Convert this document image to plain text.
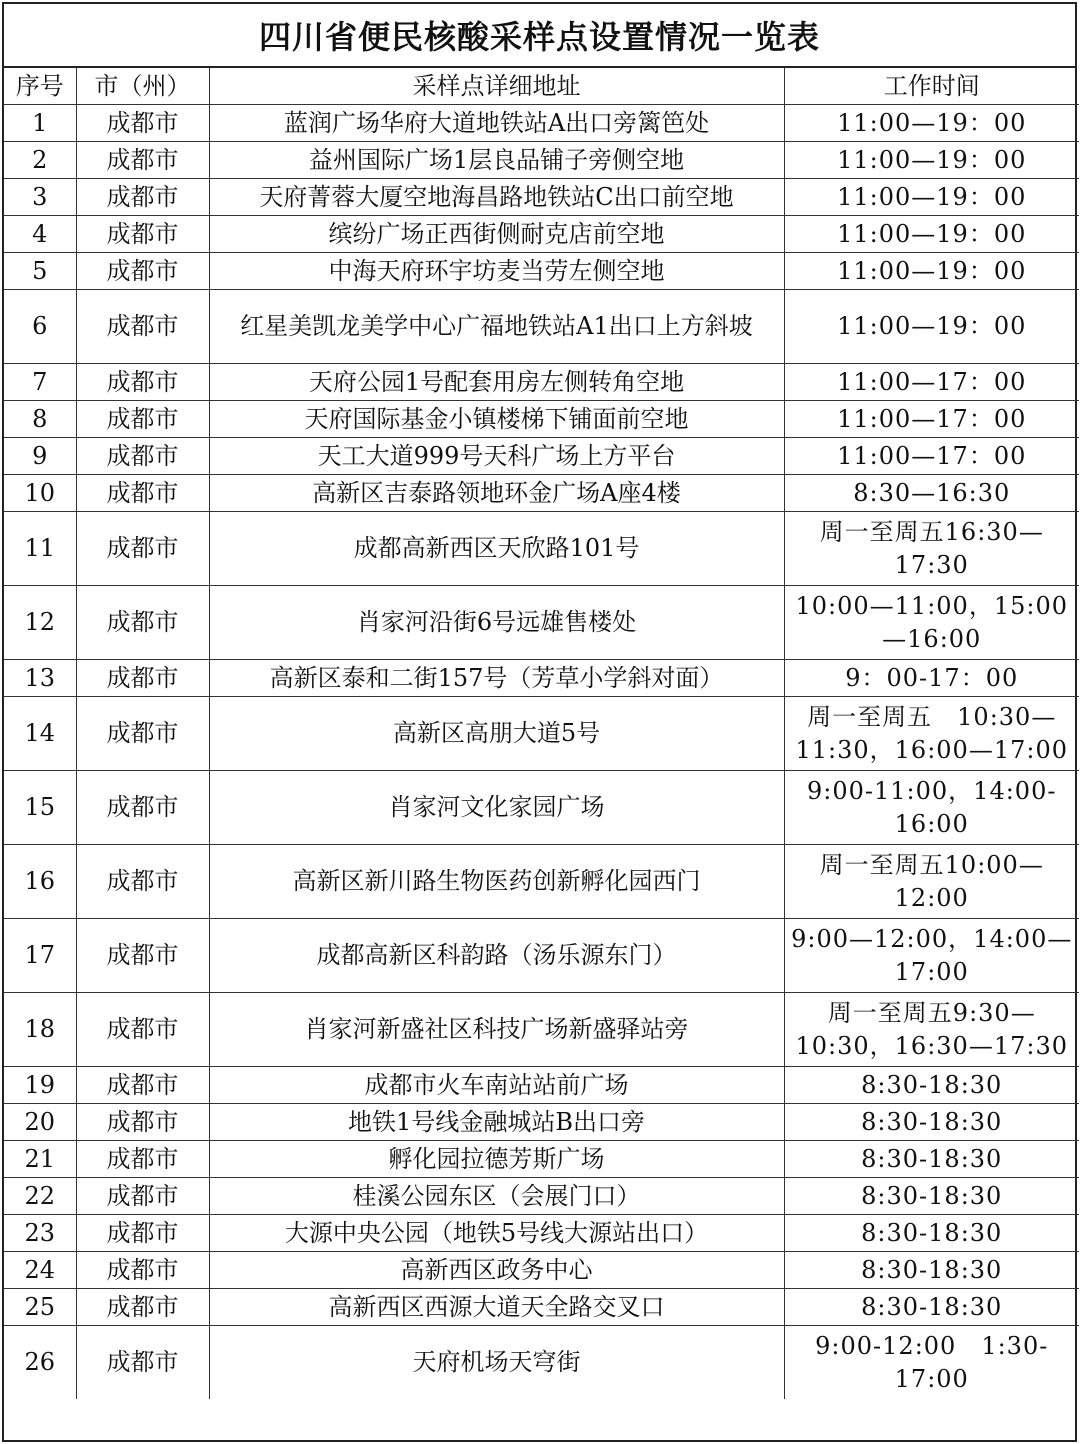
四川省便民核酸采样点设置情况一览表
序号	市（州）	采样点详细地址	工作时间
1	成都市	蓝润广场华府大道地铁站A出口旁篱笆处	11:00—19：00
2	成都市	益州国际广场1层良品铺子旁侧空地	11:00—19：00
3	成都市	天府菁蓉大厦空地海昌路地铁站C出口前空地	11:00—19：00
4	成都市	缤纷广场正西街侧耐克店前空地	11:00—19：00
5	成都市	中海天府环宇坊麦当劳左侧空地	11:00—19：00
6	成都市	红星美凯龙美学中心广福地铁站A1出口上方斜坡	11:00—19：00
7	成都市	天府公园1号配套用房左侧转角空地	11:00—17：00
8	成都市	天府国际基金小镇楼梯下铺面前空地	11:00—17：00
9	成都市	天工大道999号天科广场上方平台	11:00—17：00
10	成都市	高新区吉泰路领地环金广场A座4楼	8:30—16:30
11	成都市	成都高新西区天欣路101号	周一至周五16:30—17:30
12	成都市	肖家河沿街6号远雄售楼处	10:00—11:00，15:00—16:00
13	成都市	高新区泰和二街157号（芳草小学斜对面）	9：00-17：00
14	成都市	高新区高朋大道5号	周一至周五　10:30—11:30，16:00—17:00
15	成都市	肖家河文化家园广场	9:00-11:00，14:00-16:00
16	成都市	高新区新川路生物医药创新孵化园西门	周一至周五10:00—12:00
17	成都市	成都高新区科韵路（汤乐源东门）	9:00—12:00，14:00—17:00
18	成都市	肖家河新盛社区科技广场新盛驿站旁	周一至周五9:30—10:30，16:30—17:30
19	成都市	成都市火车南站站前广场	8:30-18:30
20	成都市	地铁1号线金融城站B出口旁	8:30-18:30
21	成都市	孵化园拉德芳斯广场	8:30-18:30
22	成都市	桂溪公园东区（会展门口）	8:30-18:30
23	成都市	大源中央公园（地铁5号线大源站出口）	8:30-18:30
24	成都市	高新西区政务中心	8:30-18:30
25	成都市	高新西区西源大道天全路交叉口	8:30-18:30
26	成都市	天府机场天穹街	9:00-12:00　1:30-17:00
